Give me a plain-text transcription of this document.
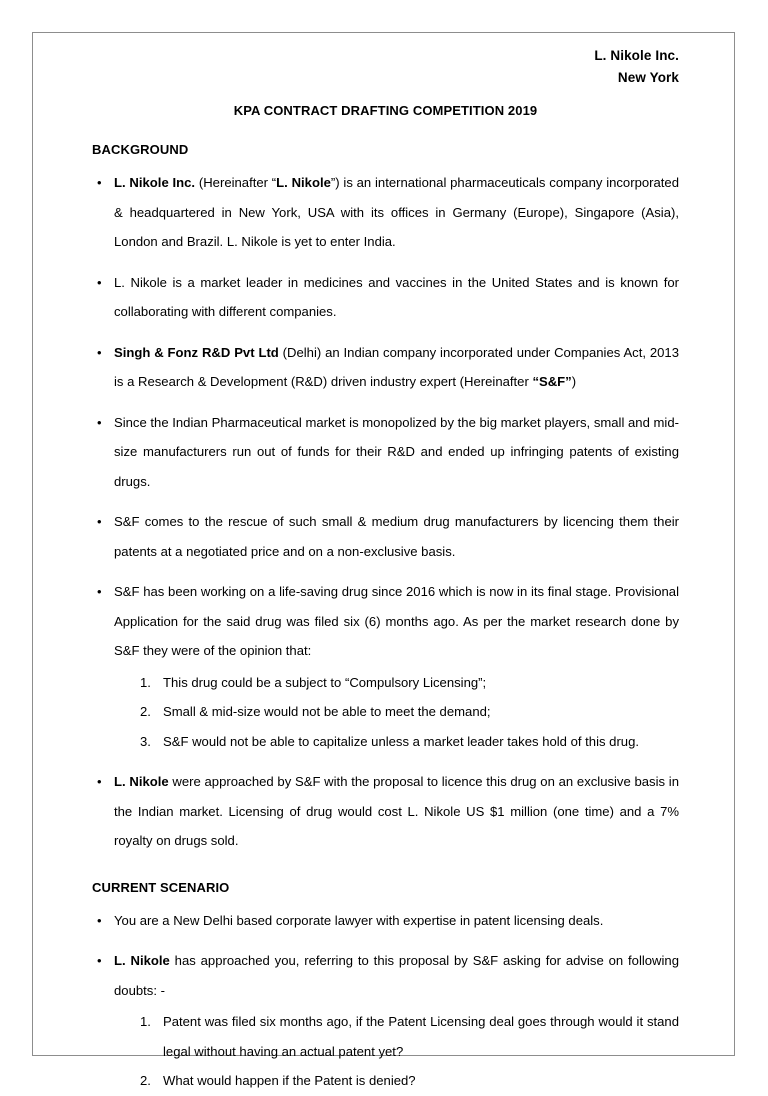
L. Nikole Inc.
New York
KPA CONTRACT DRAFTING COMPETITION 2019
BACKGROUND
• L. Nikole Inc. (Hereinafter “L. Nikole”) is an international pharmaceuticals company incorporated & headquartered in New York, USA with its offices in Germany (Europe), Singapore (Asia), London and Brazil. L. Nikole is yet to enter India.
• L. Nikole is a market leader in medicines and vaccines in the United States and is known for collaborating with different companies.
• Singh & Fonz R&D Pvt Ltd (Delhi) an Indian company incorporated under Companies Act, 2013 is a Research & Development (R&D) driven industry expert (Hereinafter “S&F”)
• Since the Indian Pharmaceutical market is monopolized by the big market players, small and mid-size manufacturers run out of funds for their R&D and ended up infringing patents of existing drugs.
• S&F comes to the rescue of such small & medium drug manufacturers by licencing them their patents at a negotiated price and on a non-exclusive basis.
• S&F has been working on a life-saving drug since 2016 which is now in its final stage. Provisional Application for the said drug was filed six (6) months ago. As per the market research done by S&F they were of the opinion that:
1. This drug could be a subject to “Compulsory Licensing”;
2. Small & mid-size would not be able to meet the demand;
3. S&F would not be able to capitalize unless a market leader takes hold of this drug.
• L. Nikole were approached by S&F with the proposal to licence this drug on an exclusive basis in the Indian market. Licensing of drug would cost L. Nikole US $1 million (one time) and a 7% royalty on drugs sold.
CURRENT SCENARIO
• You are a New Delhi based corporate lawyer with expertise in patent licensing deals.
• L. Nikole has approached you, referring to this proposal by S&F asking for advise on following doubts: -
1. Patent was filed six months ago, if the Patent Licensing deal goes through would it stand legal without having an actual patent yet?
2. What would happen if the Patent is denied?
